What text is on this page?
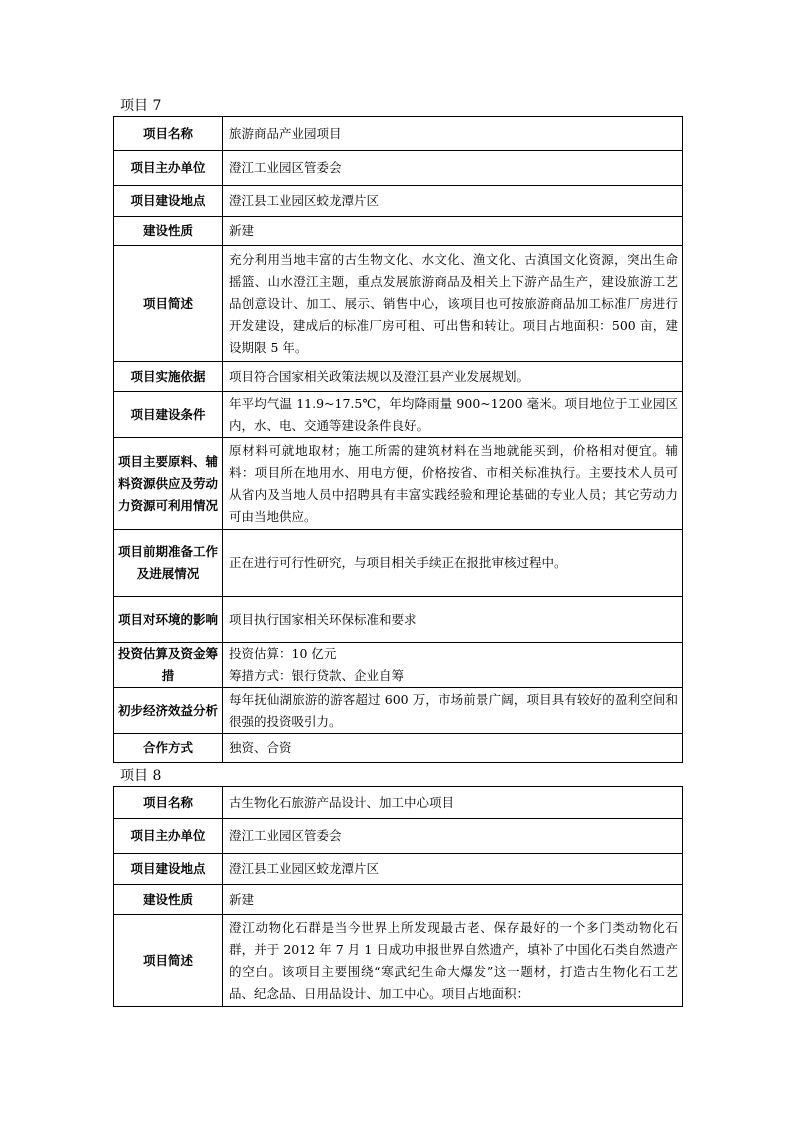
项目 7
项目名称	旅游商品产业园项目
项目主办单位	澄江工业园区管委会
项目建设地点	澄江县工业园区蛟龙潭片区
建设性质	新建
项目简述	充分利用当地丰富的古生物文化、水文化、渔文化、古滇国文化资源，突出生命摇篮、山水澄江主题，重点发展旅游商品及相关上下游产品生产，建设旅游工艺品创意设计、加工、展示、销售中心，该项目也可按旅游商品加工标准厂房进行开发建设，建成后的标准厂房可租、可出售和转让。项目占地面积：500 亩，建设期限 5 年。
项目实施依据	项目符合国家相关政策法规以及澄江县产业发展规划。
项目建设条件	年平均气温 11.9~17.5℃，年均降雨量 900~1200 毫米。项目地位于工业园区内，水、电、交通等建设条件良好。
项目主要原料、辅料资源供应及劳动力资源可利用情况	原材料可就地取材；施工所需的建筑材料在当地就能买到，价格相对便宜。辅料：项目所在地用水、用电方便，价格按省、市相关标准执行。主要技术人员可从省内及当地人员中招聘具有丰富实践经验和理论基础的专业人员；其它劳动力可由当地供应。
项目前期准备工作及进展情况	正在进行可行性研究，与项目相关手续正在报批审核过程中。
项目对环境的影响	项目执行国家相关环保标准和要求
投资估算及资金筹措	投资估算：10 亿元
筹措方式：银行贷款、企业自筹
初步经济效益分析	每年抚仙湖旅游的游客超过 600 万，市场前景广阔，项目具有较好的盈利空间和很强的投资吸引力。
合作方式	独资、合资
项目 8
项目名称	古生物化石旅游产品设计、加工中心项目
项目主办单位	澄江工业园区管委会
项目建设地点	澄江县工业园区蛟龙潭片区
建设性质	新建
项目简述	澄江动物化石群是当今世界上所发现最古老、保存最好的一个多门类动物化石群，并于 2012 年 7 月 1 日成功申报世界自然遗产，填补了中国化石类自然遗产的空白。该项目主要围绕“寒武纪生命大爆发”这一题材，打造古生物化石工艺品、纪念品、日用品设计、加工中心。项目占地面积：
